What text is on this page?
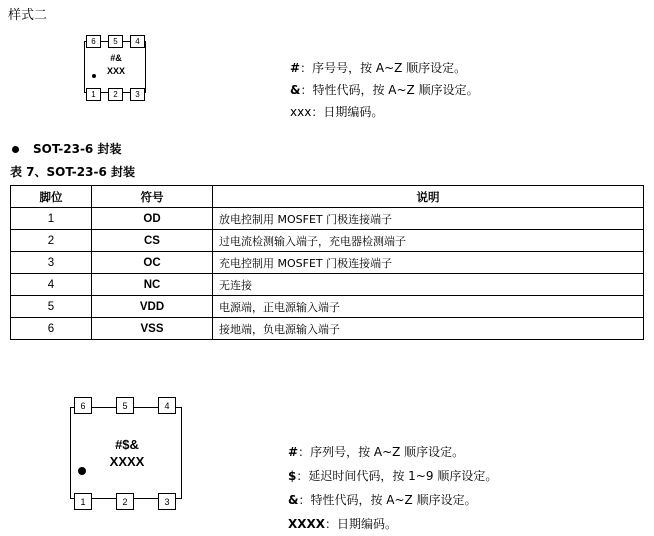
样式二
6	5	4
#&
XXX
1	2	3
#：序号号，按 A~Z 顺序设定。
&：特性代码，按 A~Z 顺序设定。
xxx：日期编码。
SOT-23-6 封装
表 7、SOT-23-6 封装
脚位	符号	说明
1	OD	放电控制用 MOSFET 门极连接端子
2	CS	过电流检测输入端子，充电器检测端子
3	OC	充电控制用 MOSFET 门极连接端子
4	NC	无连接
5	VDD	电源端，正电源输入端子
6	VSS	接地端，负电源输入端子
6	5	4
#$&
XXXX
1	2	3
#：序列号，按 A~Z 顺序设定。
$：延迟时间代码，按 1~9 顺序设定。
&：特性代码，按 A~Z 顺序设定。
XXXX：日期编码。
